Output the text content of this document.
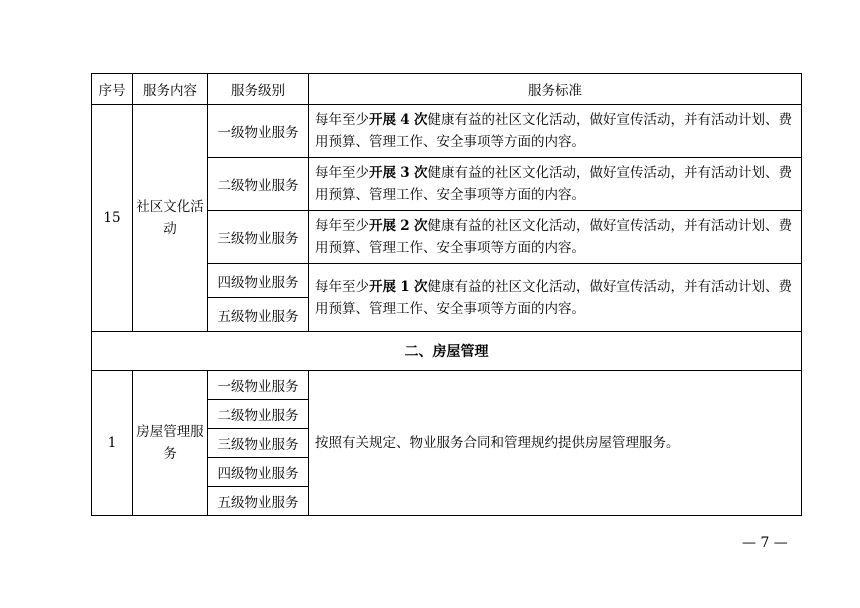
序号	服务内容	服务级别	服务标准
15	社区文化活动	一级物业服务	每年至少开展 4 次健康有益的社区文化活动，做好宣传活动，并有活动计划、费用预算、管理工作、安全事项等方面的内容。
		二级物业服务	每年至少开展 3 次健康有益的社区文化活动，做好宣传活动，并有活动计划、费用预算、管理工作、安全事项等方面的内容。
		三级物业服务	每年至少开展 2 次健康有益的社区文化活动，做好宣传活动，并有活动计划、费用预算、管理工作、安全事项等方面的内容。
		四级物业服务	每年至少开展 1 次健康有益的社区文化活动，做好宣传活动，并有活动计划、费用预算、管理工作、安全事项等方面的内容。
		五级物业服务	
二、房屋管理			
1	房屋管理服务	一级物业服务	按照有关规定、物业服务合同和管理规约提供房屋管理服务。
		二级物业服务	
		三级物业服务	
		四级物业服务	
		五级物业服务	
— 7 —
